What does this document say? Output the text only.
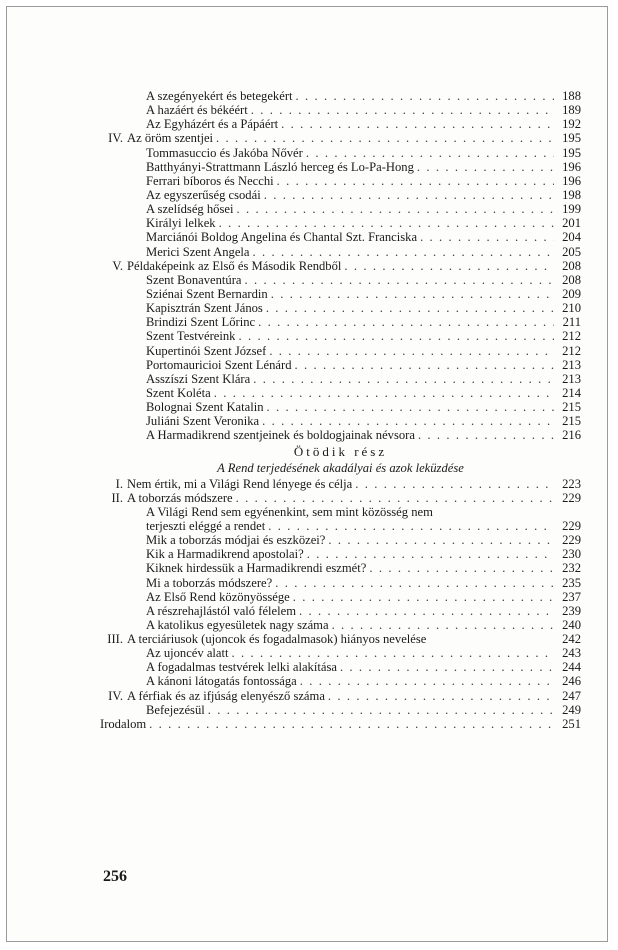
A szegényekért és betegekért . . .	188
A hazáért és békéért . . .	189
Az Egyházért és a Pápáért . . .	192
IV. Az öröm szentjei . . .	195
Tommasuccio és Jakóba Nővér . . .	195
Batthyányi-Strattmann László herceg és Lo-Pa-Hong . . .	196
Ferrari bíboros és Necchi . . .	196
Az egyszerűség csodái . . .	198
A szelídség hősei . . .	199
Királyi lelkek . . .	201
Marciánói Boldog Angelina és Chantal Szt. Franciska . . .	204
Merici Szent Angela . . .	205
V. Példaképeink az Első és Második Rendből . . .	208
Szent Bonaventúra . . .	208
Sziénai Szent Bernardin . . .	209
Kapisztrán Szent János . . .	210
Brindizi Szent Lőrinc . . .	211
Szent Testvéreink . . .	212
Kupertinói Szent József . . .	212
Portomauricioi Szent Lénárd . . .	213
Asszíszi Szent Klára . . .	213
Szent Koléta . . .	214
Bolognai Szent Katalin . . .	215
Juliáni Szent Veronika . . .	215
A Harmadikrend szentjeinek és boldogjainak névsora . . .	216
Ötödik rész
A Rend terjedésének akadályai és azok leküzdése
I. Nem értik, mi a Világi Rend lényege és célja . . .	223
II. A toborzás módszere . . .	229
A Világi Rend sem egyénenkint, sem mint közösség nem
terjeszti eléggé a rendet . . .	229
Mik a toborzás módjai és eszközei? . . .	229
Kik a Harmadikrend apostolai? . . .	230
Kiknek hirdessük a Harmadikrendi eszmét? . . .	232
Mi a toborzás módszere? . . .	235
Az Első Rend közönyössége . . .	237
A részrehajlástól való félelem . . .	239
A katolikus egyesületek nagy száma . . .	240
III. A terciáriusok (ujoncok és fogadalmasok) hiányos nevelése	242
Az ujoncév alatt . . .	243
A fogadalmas testvérek lelki alakítása . . .	244
A kánoni látogatás fontossága . . .	246
IV. A férfiak és az ifjúság elenyésző száma . . .	247
Befejezésül . . .	249
Irodalom . . .	251
256
